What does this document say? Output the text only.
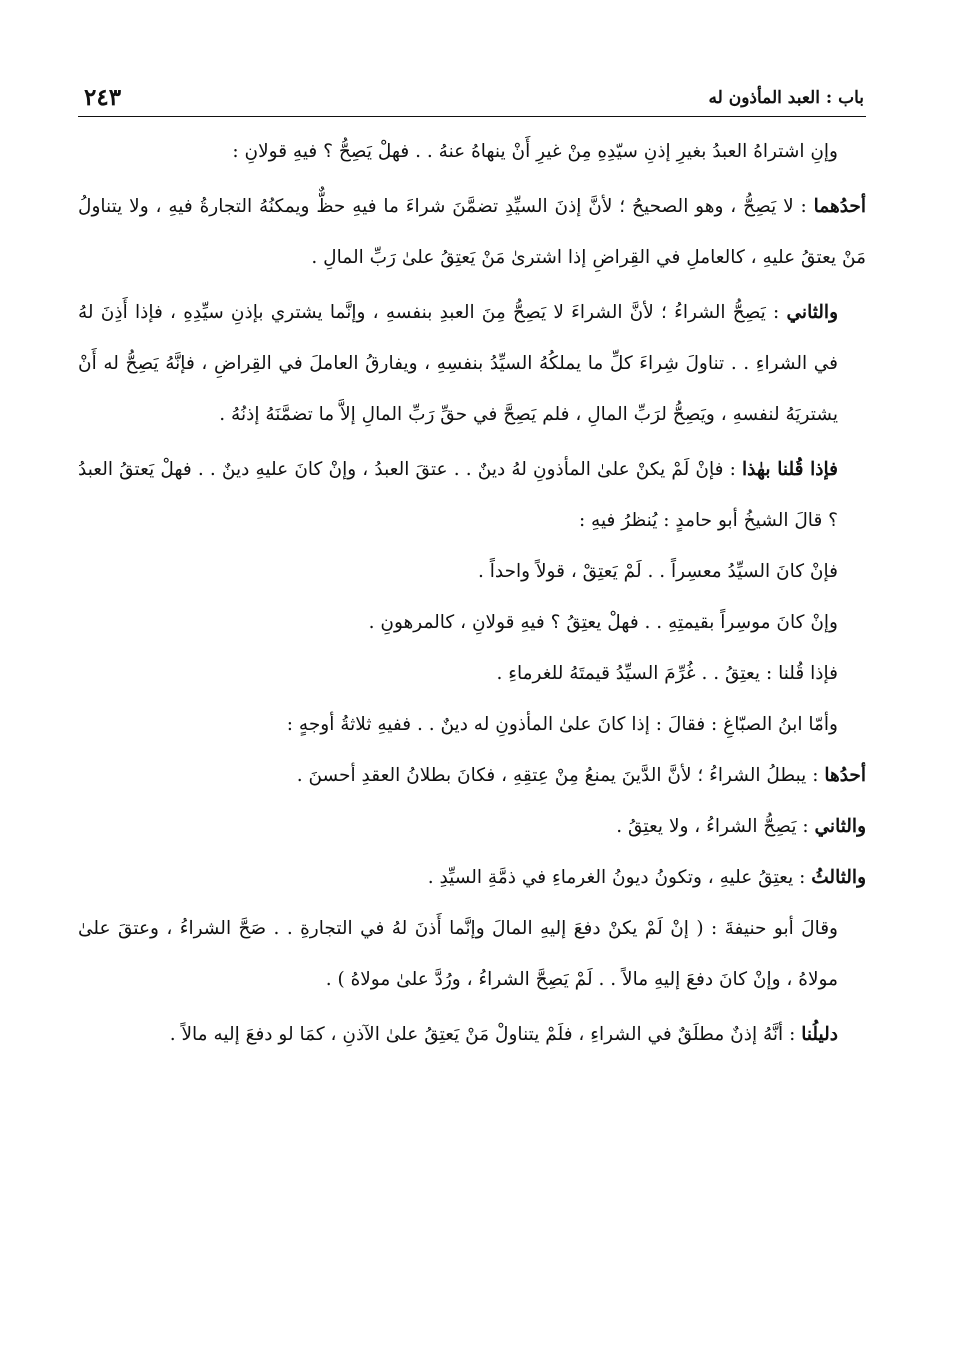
باب : العبد المأذون له
٢٤٣

وإنِ اشتراهُ العبدُ بغيرِ إذنِ سيّدِهِ مِنْ غيرِ أَنْ ينهاهُ عنهُ . . فهلْ يَصِحُّ ؟ فيهِ قولانِ :

أحدُهما : لا يَصِحُّ ، وهو الصحيحُ ؛ لأنَّ إذنَ السيِّدِ تضمَّنَ شراءَ ما فيهِ حظٌّ ويمكنُهُ التجارةُ فيهِ ، ولا يتناولُ مَنْ يعتقُ عليهِ ، كالعاملِ في القِراضِ إذا اشترىٰ مَنْ يَعتِقُ علىٰ رَبِّ المالِ .

والثاني : يَصِحُّ الشراءُ ؛ لأنَّ الشراءَ لا يَصِحُّ مِنَ العبدِ بنفسهِ ، وإنَّما يشتري بإذنِ سيِّدِهِ ، فإذا أَذِنَ لهُ في الشراءِ . . تناولَ شِراءَ كلِّ ما يملكُهُ السيِّدُ بنفسِهِ ، ويفارقُ العاملَ في القِراضِ ، فإنَّهُ يَصِحُّ له أَنْ يشتريَهُ لنفسهِ ، ويَصِحُّ لرَبِّ المالِ ، فلم يَصِحَّ في حقِّ رَبِّ المالِ إلاَّ ما تضمَّنَهُ إذنُهُ .

فإذا قُلنا بهٰذا : فإنْ لَمْ يكنْ علىٰ المأذونِ لهُ دينٌ . . عتقَ العبدُ ، وإنْ كانَ عليهِ دينٌ . . فهلْ يَعتقُ العبدُ ؟ قالَ الشيخُ أبو حامدٍ : يُنظرُ فيهِ :

فإنْ كانَ السيِّدُ معسِراً . . لَمْ يَعتِقْ ، قولاً واحداً .

وإنْ كانَ موسِراً بقيمتِهِ . . فهلْ يعتِقُ ؟ فيهِ قولانِ ، كالمرهونِ .

فإذا قُلنا : يعتِقُ . . غُرِّمَ السيِّدُ قيمتَهُ للغرماءِ .

وأمّا ابنُ الصبّاغِ : فقالَ : إذا كانَ علىٰ المأذونِ له دينٌ . . ففيهِ ثلاثةُ أوجهٍ :

أحدُها : يبطلُ الشراءُ ؛ لأنَّ الدَّينَ يمنعُ مِنْ عِتقِهِ ، فكانَ بطلانُ العقدِ أحسنَ .

والثاني : يَصِحُّ الشراءُ ، ولا يعتِقُ .

والثالثُ : يعتِقُ عليهِ ، وتكونُ ديونُ الغرماءِ في ذمَّةِ السيِّدِ .

وقالَ أبو حنيفةَ : ( إنْ لَمْ يكنْ دفعَ إليهِ المالَ وإنَّما أَذنَ لهُ في التجارةِ . . صَحَّ الشراءُ ، وعتقَ علىٰ مولاهُ ، وإنْ كانَ دفعَ إليهِ مالاً . . لَمْ يَصِحَّ الشراءُ ، ورُدَّ علىٰ مولاهُ ) .

دليلُنا : أنَّهُ إذنٌ مطلَقٌ في الشراءِ ، فلَمْ يتناولْ مَنْ يَعتِقُ علىٰ الآذنِ ، كمَا لو دفعَ إليه مالاً .
